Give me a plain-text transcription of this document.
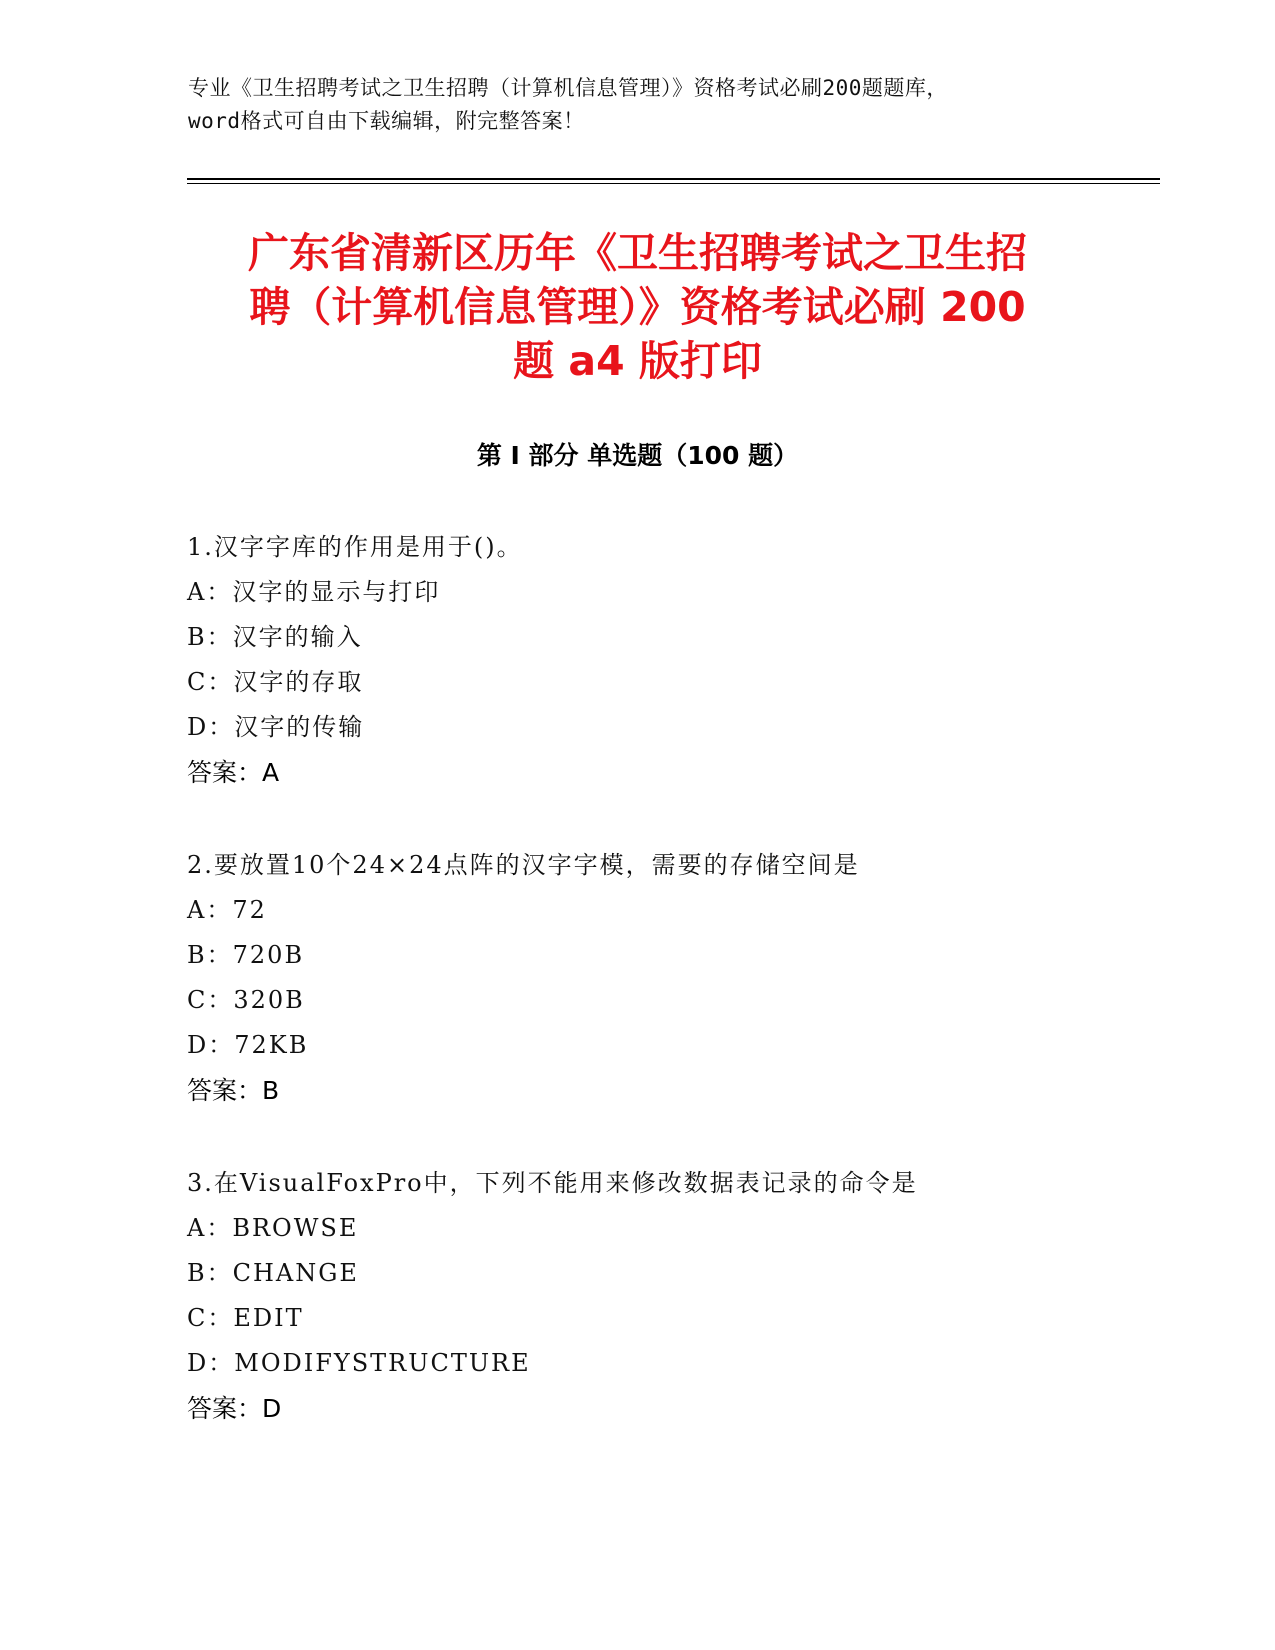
专业《卫生招聘考试之卫生招聘（计算机信息管理）》资格考试必刷200题题库，
word格式可自由下载编辑，附完整答案！
广东省清新区历年《卫生招聘考试之卫生招
聘（计算机信息管理）》资格考试必刷 200
题 a4 版打印
第 I 部分 单选题（100 题）
1.汉字字库的作用是用于()。
A：汉字的显示与打印
B：汉字的输入
C：汉字的存取
D：汉字的传输
答案：A
2.要放置10个24×24点阵的汉字字模，需要的存储空间是
A：72
B：720B
C：320B
D：72KB
答案：B
3.在VisualFoxPro中，下列不能用来修改数据表记录的命令是
A：BROWSE
B：CHANGE
C：EDIT
D：MODIFYSTRUCTURE
答案：D
